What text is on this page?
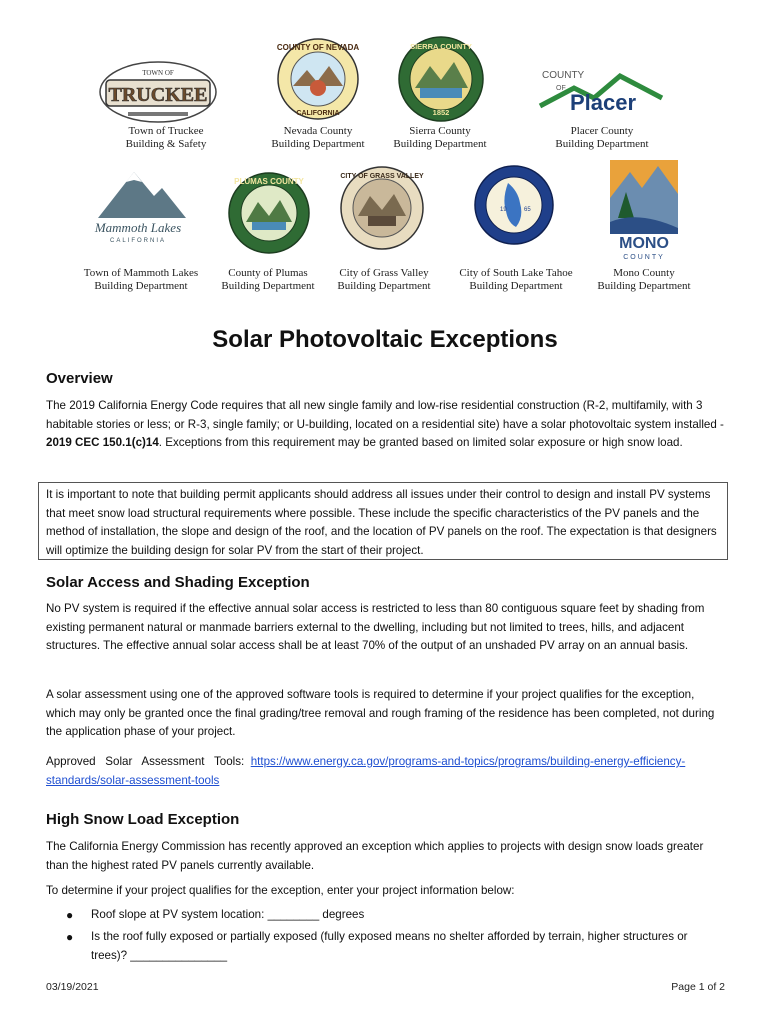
TOWN OF
TRUCKEE
COUNTY OF NEVADA
CALIFORNIA
SIERRA COUNTY
1852
COUNTY
OF
Placer
Town of Truckee
Building & Safety
Nevada County
Building Department
Sierra County
Building Department
Placer County
Building Department
Mammoth Lakes
CALIFORNIA
PLUMAS COUNTY
CITY OF GRASS VALLEY
19	65
MONO
COUNTY
Town of Mammoth Lakes
Building Department
County of Plumas
Building Department
City of Grass Valley
Building Department
City of South Lake Tahoe
Building Department
Mono County
Building Department
Solar Photovoltaic Exceptions
Overview

The 2019 California Energy Code requires that all new single family and low-rise residential construction (R-2, multifamily, with 3 habitable stories or less; or R-3, single family; or U-building, located on a residential site) have a solar photovoltaic system installed - 2019 CEC 150.1(c)14. Exceptions from this requirement may be granted based on limited solar exposure or high snow load.

It is important to note that building permit applicants should address all issues under their control to design and install PV systems that meet snow load structural requirements where possible. These include the specific characteristics of the PV panels and the method of installation, the slope and design of the roof, and the location of PV panels on the roof. The expectation is that designers will optimize the building design for solar PV from the start of their project.
Solar Access and Shading Exception

No PV system is required if the effective annual solar access is restricted to less than 80 contiguous square feet by shading from existing permanent natural or manmade barriers external to the dwelling, including but not limited to trees, hills, and adjacent structures. The effective annual solar access shall be at least 70% of the output of an unshaded PV array on an annual basis.

A solar assessment using one of the approved software tools is required to determine if your project qualifies for the exception, which may only be granted once the final grading/tree removal and rough framing of the residence has been completed, not during the application phase of your project.

Approved   Solar   Assessment   Tools:  https://www.energy.ca.gov/programs-and-topics/programs/building-energy-efficiency-standards/solar-assessment-tools

High Snow Load Exception

The California Energy Commission has recently approved an exception which applies to projects with design snow loads greater than the highest rated PV panels currently available.

To determine if your project qualifies for the exception, enter your project information below:

● Roof slope at PV system location: ________ degrees
● Is the roof fully exposed or partially exposed (fully exposed means no shelter afforded by terrain, higher structures or trees)? _______________
03/19/2021	Page 1 of 2
